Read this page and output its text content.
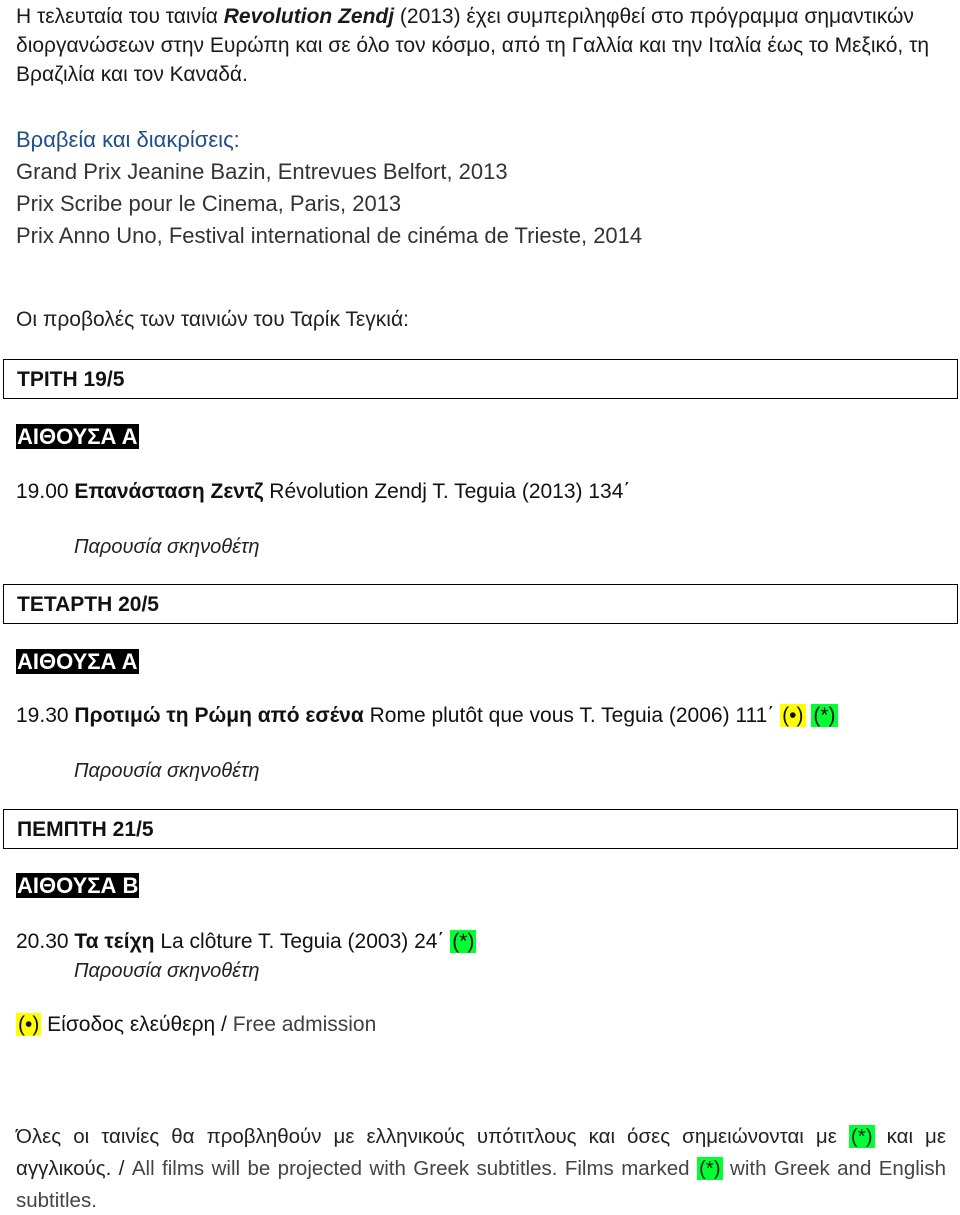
Η τελευταία του ταινία Revolution Zendj (2013) έχει συμπεριληφθεί στο πρόγραμμα σημαντικών διοργανώσεων στην Ευρώπη και σε όλο τον κόσμο, από τη Γαλλία και την Ιταλία έως το Μεξικό, τη Βραζιλία και τον Καναδά.

Βραβεία και διακρίσεις:
Grand Prix Jeanine Bazin, Entrevues Belfort, 2013
Prix Scribe pour le Cinema, Paris, 2013
Prix Anno Uno, Festival international de cinéma de Trieste, 2014
Οι προβολές των ταινιών του Ταρίκ Τεγκιά:
ΤΡΙΤΗ 19/5
ΑΙΘΟΥΣΑ Α
19.00 Επανάσταση Ζεντζ Révolution Zendj T. Teguia (2013) 134΄
Παρουσία σκηνοθέτη
ΤΕΤΑΡΤΗ 20/5
ΑΙΘΟΥΣΑ Α
19.30 Προτιμώ τη Ρώμη από εσένα Rome plutôt que vous T. Teguia (2006) 111΄ (•) (*)
Παρουσία σκηνοθέτη
ΠΕΜΠΤΗ 21/5
ΑΙΘΟΥΣΑ Β
20.30 Τα τείχη La clôture T. Teguia (2003) 24΄ (*)
Παρουσία σκηνοθέτη
(•) Είσοδος ελεύθερη / Free admission

Όλες οι ταινίες θα προβληθούν με ελληνικούς υπότιτλους και όσες σημειώνονται με (*) και με αγγλικούς. / All films will be projected with Greek subtitles. Films marked (*) with Greek and English subtitles.
